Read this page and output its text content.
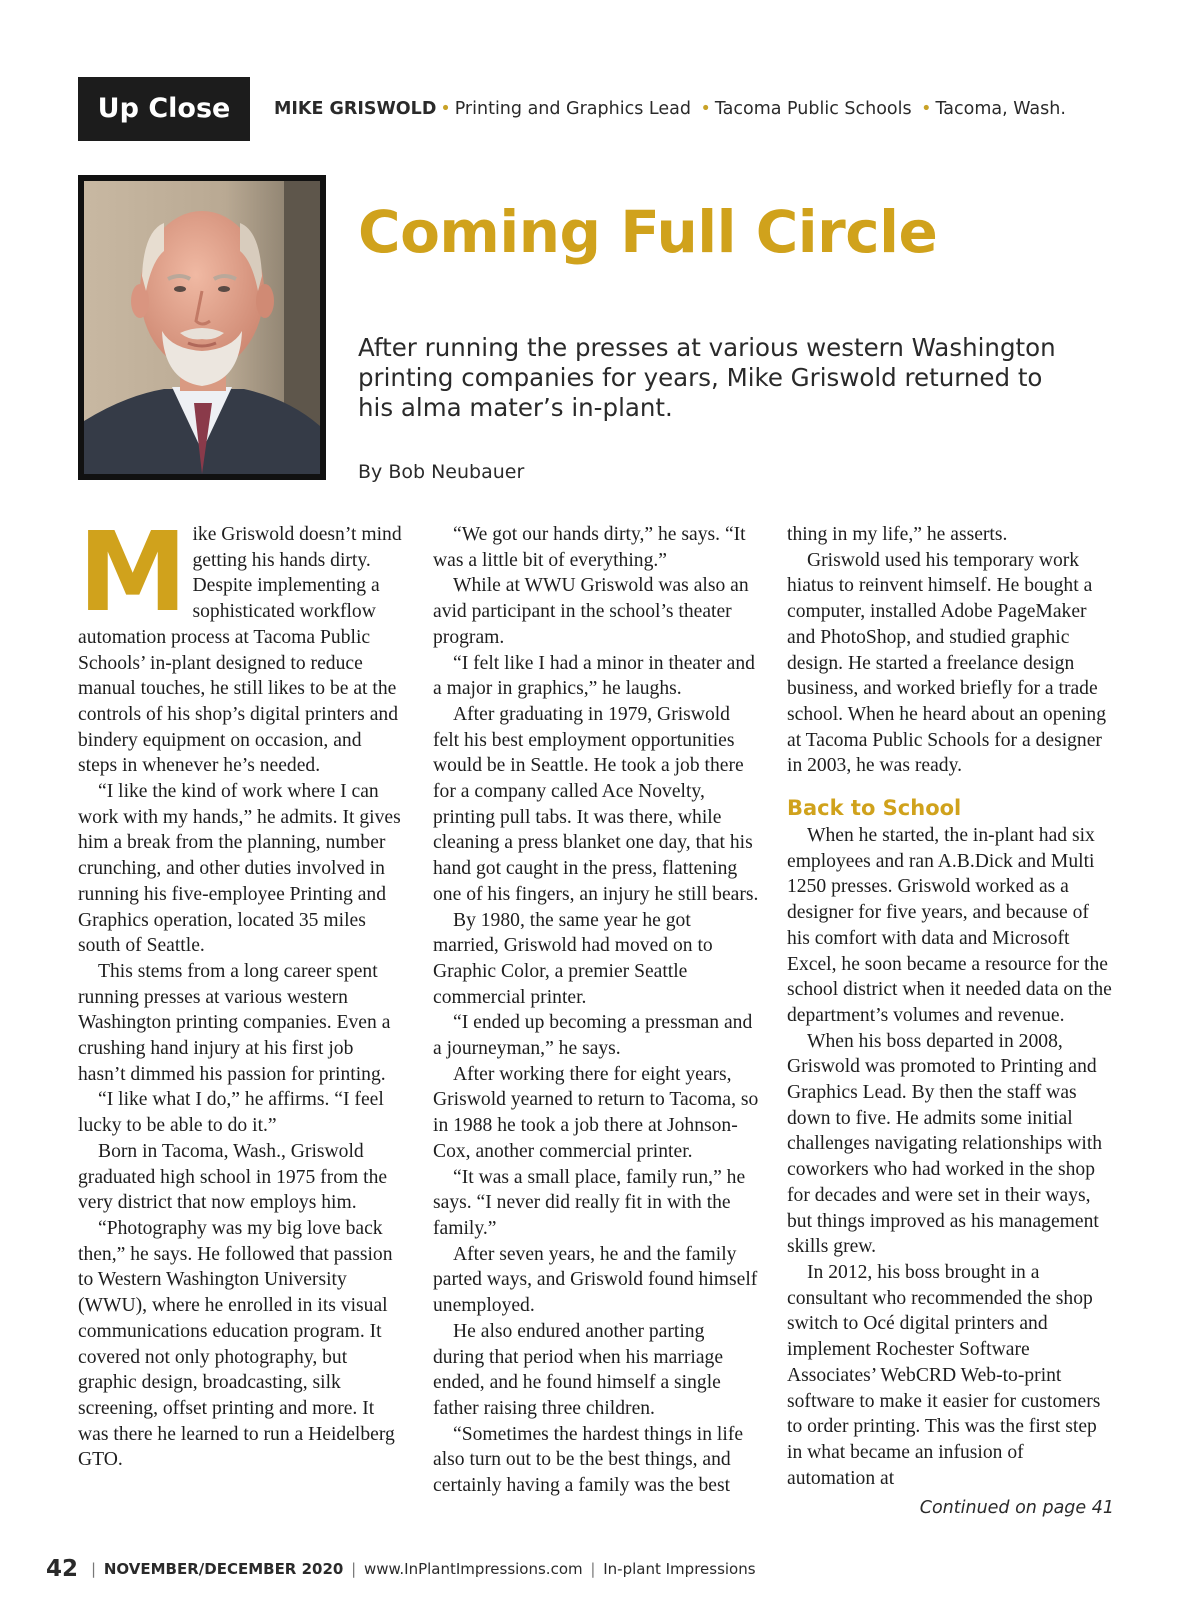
Up Close	MIKE GRISWOLD • Printing and Graphics Lead • Tacoma Public Schools • Tacoma, Wash.
Coming Full Circle
After running the presses at various western Washington printing companies for years, Mike Griswold returned to his alma mater’s in-plant.
By Bob Neubauer
M ike Griswold doesn’t mind getting his hands dirty. Despite implementing a sophisticated workflow automation process at Tacoma Public Schools’ in-plant designed to reduce manual touches, he still likes to be at the controls of his shop’s digital printers and bindery equipment on occasion, and steps in whenever he’s needed.

“I like the kind of work where I can work with my hands,” he admits. It gives him a break from the planning, number crunching, and other duties involved in running his five-employee Printing and Graphics operation, located 35 miles south of Seattle.

This stems from a long career spent running presses at various western Washington printing companies. Even a crushing hand injury at his first job hasn’t dimmed his passion for printing.

“I like what I do,” he affirms. “I feel lucky to be able to do it.”

Born in Tacoma, Wash., Griswold graduated high school in 1975 from the very district that now employs him.

“Photography was my big love back then,” he says. He followed that passion to Western Washington University (WWU), where he enrolled in its visual communications education program. It covered not only photography, but graphic design, broadcasting, silk screening, offset printing and more. It was there he learned to run a Heidelberg GTO.

“We got our hands dirty,” he says. “It was a little bit of everything.”

While at WWU Griswold was also an avid participant in the school’s theater program.

“I felt like I had a minor in theater and a major in graphics,” he laughs.

After graduating in 1979, Griswold felt his best employment opportunities would be in Seattle. He took a job there for a company called Ace Novelty, printing pull tabs. It was there, while cleaning a press blanket one day, that his hand got caught in the press, flattening one of his fingers, an injury he still bears.

By 1980, the same year he got married, Griswold had moved on to Graphic Color, a premier Seattle commercial printer.

“I ended up becoming a pressman and a journeyman,” he says.

After working there for eight years, Griswold yearned to return to Tacoma, so in 1988 he took a job there at Johnson-Cox, another commercial printer.

“It was a small place, family run,” he says. “I never did really fit in with the family.”

After seven years, he and the family parted ways, and Griswold found himself unemployed.

He also endured another parting during that period when his marriage ended, and he found himself a single father raising three children.

“Sometimes the hardest things in life also turn out to be the best things, and certainly having a family was the best

thing in my life,” he asserts.

Griswold used his temporary work hiatus to reinvent himself. He bought a computer, installed Adobe PageMaker and PhotoShop, and studied graphic design. He started a freelance design business, and worked briefly for a trade school. When he heard about an opening at Tacoma Public Schools for a designer in 2003, he was ready.

Back to School

When he started, the in-plant had six employees and ran A.B.Dick and Multi 1250 presses. Griswold worked as a designer for five years, and because of his comfort with data and Microsoft Excel, he soon became a resource for the school district when it needed data on the department’s volumes and revenue.

When his boss departed in 2008, Griswold was promoted to Printing and Graphics Lead. By then the staff was down to five. He admits some initial challenges navigating relationships with coworkers who had worked in the shop for decades and were set in their ways, but things improved as his management skills grew.

In 2012, his boss brought in a consultant who recommended the shop switch to Océ digital printers and implement Rochester Software Associates’ WebCRD Web-to-print software to make it easier for customers to order printing. This was the first step in what became an infusion of automation at

Continued on page 41
42 | NOVEMBER/DECEMBER 2020 | www.InPlantImpressions.com | In-plant Impressions
